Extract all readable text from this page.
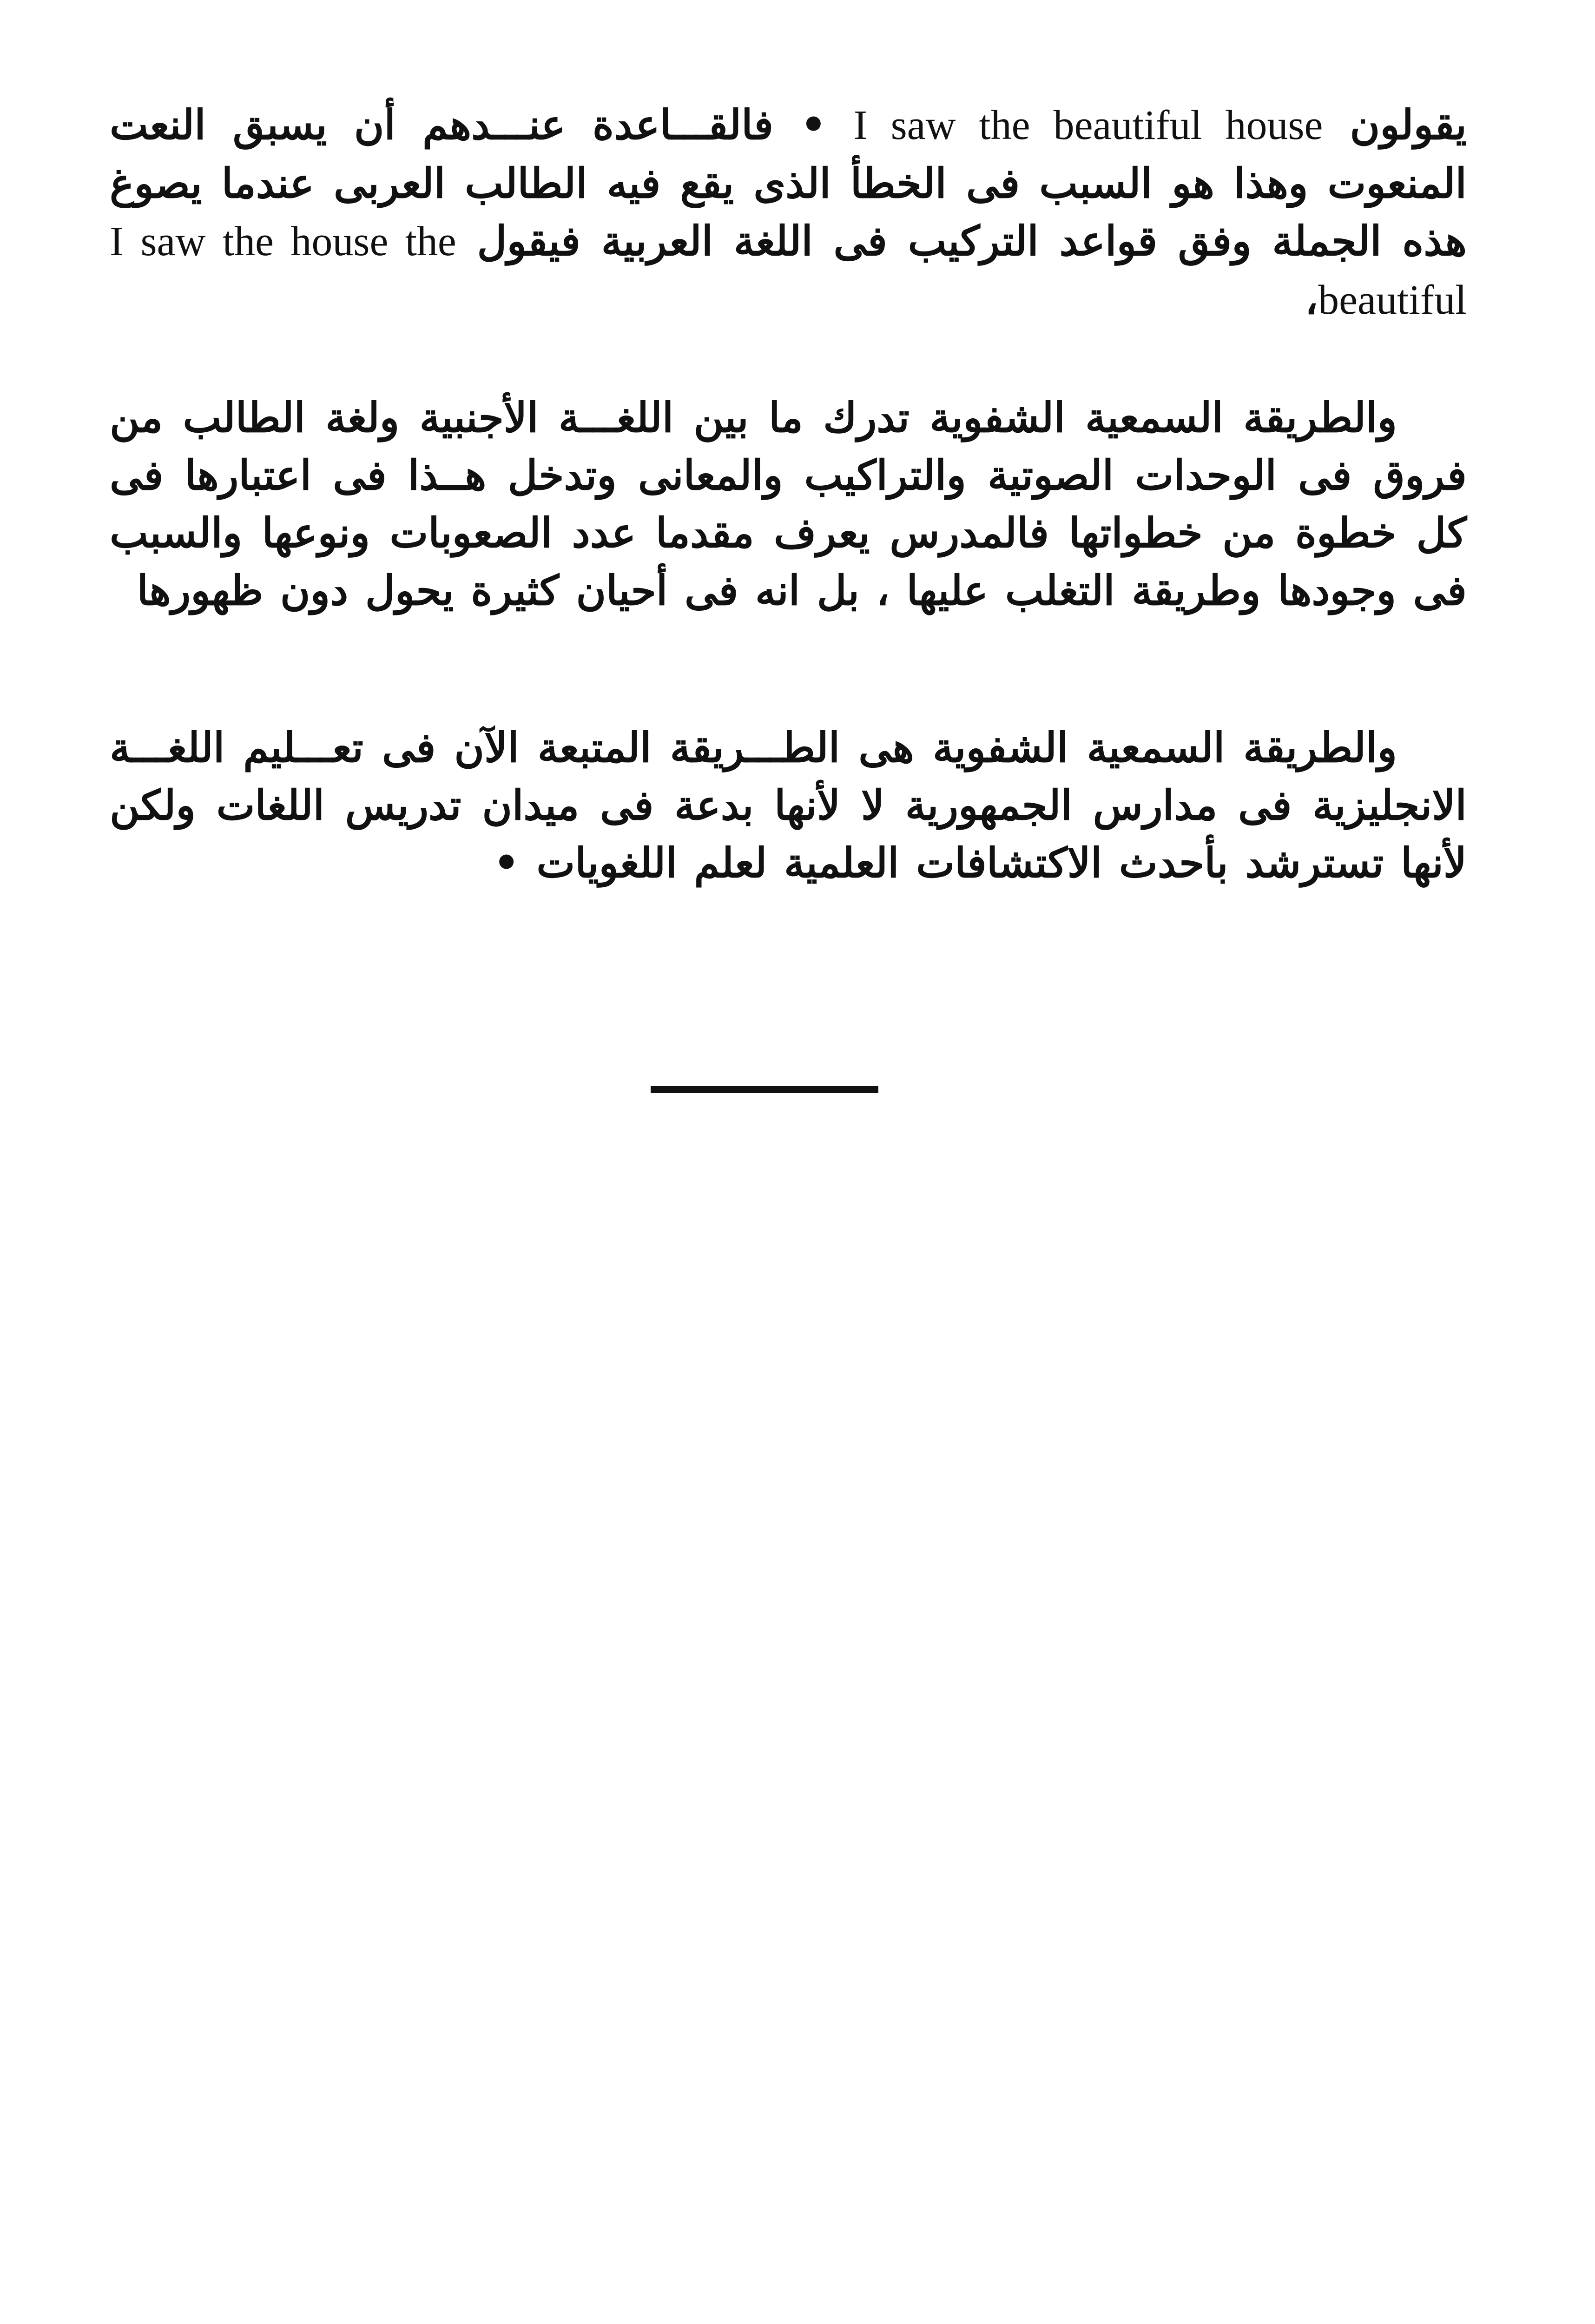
يقولون I saw the beautiful house • فالقـــاعدة عنـــدهم أن يسبق النعت المنعوت وهذا هو السبب فى الخطأ الذى يقع فيه الطالب العربى عندما يصوغ هذه الجملة وفق قواعد التركيب فى اللغة العربية فيقول I saw the house the beautiful،

والطريقة السمعية الشفوية تدرك ما بين اللغـــة الأجنبية ولغة الطالب من فروق فى الوحدات الصوتية والتراكيب والمعانى وتدخل هــذا فى اعتبارها فى كل خطوة من خطواتها فالمدرس يعرف مقدما عدد الصعوبات ونوعها والسبب فى وجودها وطريقة التغلب عليها ، بل انه فى أحيان كثيرة يحول دون ظهورها

والطريقة السمعية الشفوية هى الطـــريقة المتبعة الآن فى تعـــليم اللغـــة الانجليزية فى مدارس الجمهورية لا لأنها بدعة فى ميدان تدريس اللغات ولكن لأنها تسترشد بأحدث الاكتشافات العلمية لعلم اللغويات •
